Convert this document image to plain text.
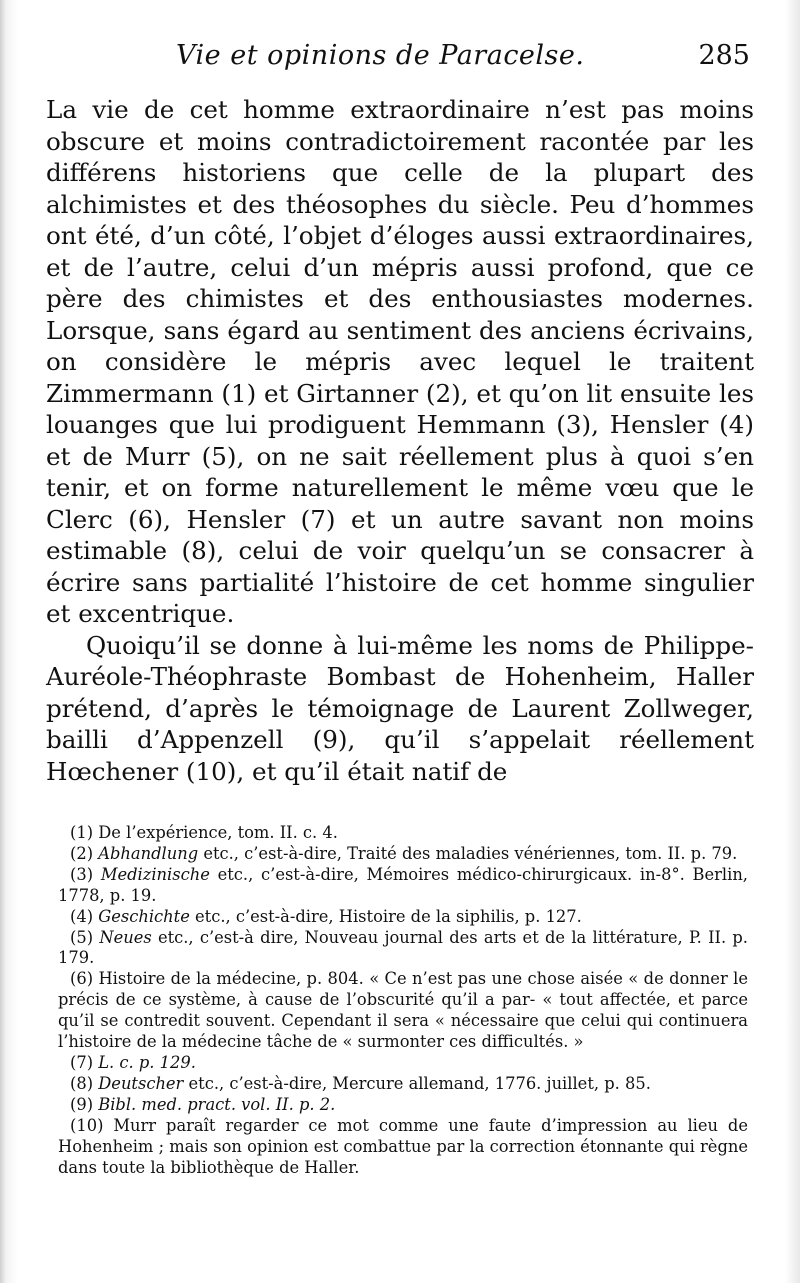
Vie et opinions de Paracelse.	285

La vie de cet homme extraordinaire n’est pas moins obscure et moins contradictoirement racontée par les différens historiens que celle de la plupart des alchimistes et des théosophes du siècle. Peu d’hommes ont été, d’un côté, l’objet d’éloges aussi extraordinaires, et de l’autre, celui d’un mépris aussi profond, que ce père des chimistes et des enthousiastes modernes. Lorsque, sans égard au sentiment des anciens écrivains, on considère le mépris avec lequel le traitent Zimmermann (1) et Girtanner (2), et qu’on lit ensuite les louanges que lui prodiguent Hemmann (3), Hensler (4) et de Murr (5), on ne sait réellement plus à quoi s’en tenir, et on forme naturellement le même vœu que le Clerc (6), Hensler (7) et un autre savant non moins estimable (8), celui de voir quelqu’un se consacrer à écrire sans partialité l’histoire de cet homme singulier et excentrique.

Quoiqu’il se donne à lui-même les noms de Philippe-Auréole-Théophraste Bombast de Hohenheim, Haller prétend, d’après le témoignage de Laurent Zollweger, bailli d’Appenzell (9), qu’il s’appelait réellement Hœchener (10), et qu’il était natif de

(1) De l’expérience, tom. II. c. 4.

(2) Abhandlung etc., c’est-à-dire, Traité des maladies vénériennes, tom. II. p. 79.

(3) Medizinische etc., c’est-à-dire, Mémoires médico-chirurgicaux. in-8°. Berlin, 1778, p. 19.

(4) Geschichte etc., c’est-à-dire, Histoire de la siphilis, p. 127.

(5) Neues etc., c’est-à dire, Nouveau journal des arts et de la littérature, P. II. p. 179.

(6) Histoire de la médecine, p. 804. « Ce n’est pas une chose aisée « de donner le précis de ce système, à cause de l’obscurité qu’il a par- « tout affectée, et parce qu’il se contredit souvent. Cependant il sera « nécessaire que celui qui continuera l’histoire de la médecine tâche de « surmonter ces difficultés. »

(7) L. c. p. 129.

(8) Deutscher etc., c’est-à-dire, Mercure allemand, 1776. juillet, p. 85.

(9) Bibl. med. pract. vol. II. p. 2.

(10) Murr paraît regarder ce mot comme une faute d’impression au lieu de Hohenheim ; mais son opinion est combattue par la correction étonnante qui règne dans toute la bibliothèque de Haller.
